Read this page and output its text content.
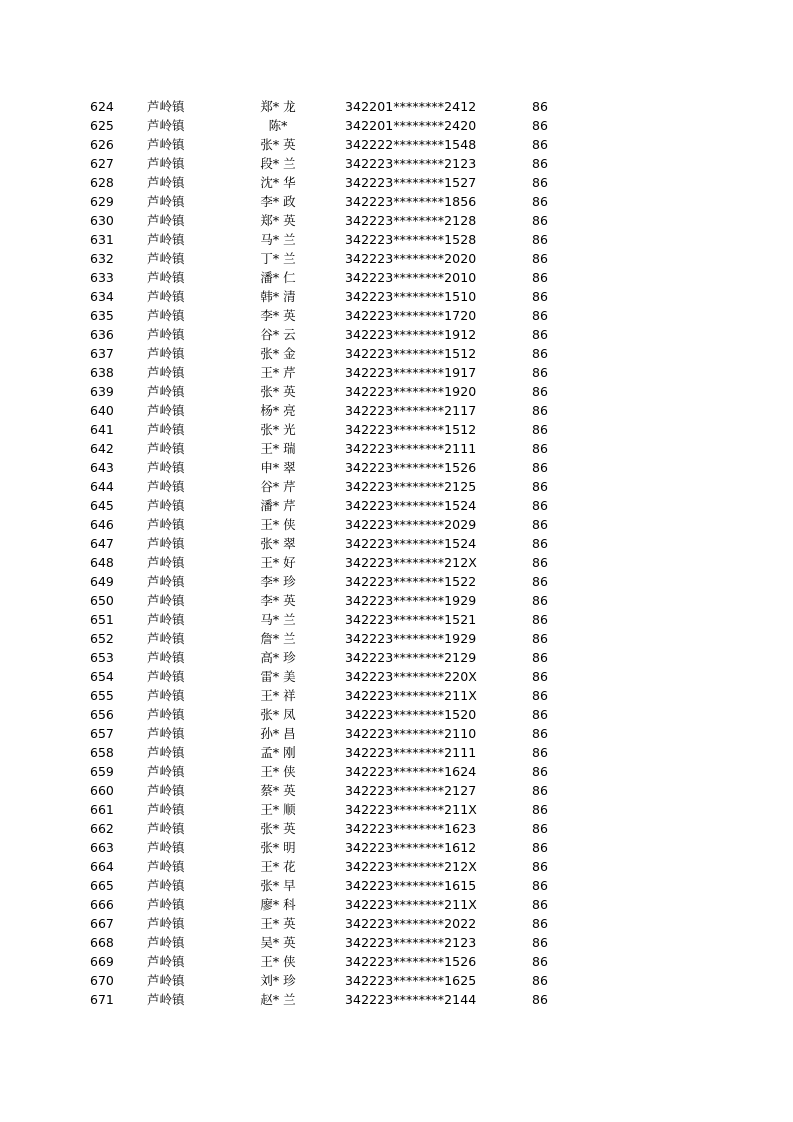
624	芦岭镇	郑* 龙	342201********2412	86
625	芦岭镇	陈*	342201********2420	86
626	芦岭镇	张* 英	342222********1548	86
627	芦岭镇	段* 兰	342223********2123	86
628	芦岭镇	沈* 华	342223********1527	86
629	芦岭镇	李* 政	342223********1856	86
630	芦岭镇	郑* 英	342223********2128	86
631	芦岭镇	马* 兰	342223********1528	86
632	芦岭镇	丁* 兰	342223********2020	86
633	芦岭镇	潘* 仁	342223********2010	86
634	芦岭镇	韩* 清	342223********1510	86
635	芦岭镇	李* 英	342223********1720	86
636	芦岭镇	谷* 云	342223********1912	86
637	芦岭镇	张* 金	342223********1512	86
638	芦岭镇	王* 芹	342223********1917	86
639	芦岭镇	张* 英	342223********1920	86
640	芦岭镇	杨* 亮	342223********2117	86
641	芦岭镇	张* 光	342223********1512	86
642	芦岭镇	王* 瑞	342223********2111	86
643	芦岭镇	申* 翠	342223********1526	86
644	芦岭镇	谷* 芹	342223********2125	86
645	芦岭镇	潘* 芹	342223********1524	86
646	芦岭镇	王* 侠	342223********2029	86
647	芦岭镇	张* 翠	342223********1524	86
648	芦岭镇	王* 好	342223********212X	86
649	芦岭镇	李* 珍	342223********1522	86
650	芦岭镇	李* 英	342223********1929	86
651	芦岭镇	马* 兰	342223********1521	86
652	芦岭镇	詹* 兰	342223********1929	86
653	芦岭镇	高* 珍	342223********2129	86
654	芦岭镇	雷* 美	342223********220X	86
655	芦岭镇	王* 祥	342223********211X	86
656	芦岭镇	张* 凤	342223********1520	86
657	芦岭镇	孙* 昌	342223********2110	86
658	芦岭镇	孟* 刚	342223********2111	86
659	芦岭镇	王* 侠	342223********1624	86
660	芦岭镇	蔡* 英	342223********2127	86
661	芦岭镇	王* 顺	342223********211X	86
662	芦岭镇	张* 英	342223********1623	86
663	芦岭镇	张* 明	342223********1612	86
664	芦岭镇	王* 花	342223********212X	86
665	芦岭镇	张* 早	342223********1615	86
666	芦岭镇	廖* 科	342223********211X	86
667	芦岭镇	王* 英	342223********2022	86
668	芦岭镇	吴* 英	342223********2123	86
669	芦岭镇	王* 侠	342223********1526	86
670	芦岭镇	刘* 珍	342223********1625	86
671	芦岭镇	赵* 兰	342223********2144	86
